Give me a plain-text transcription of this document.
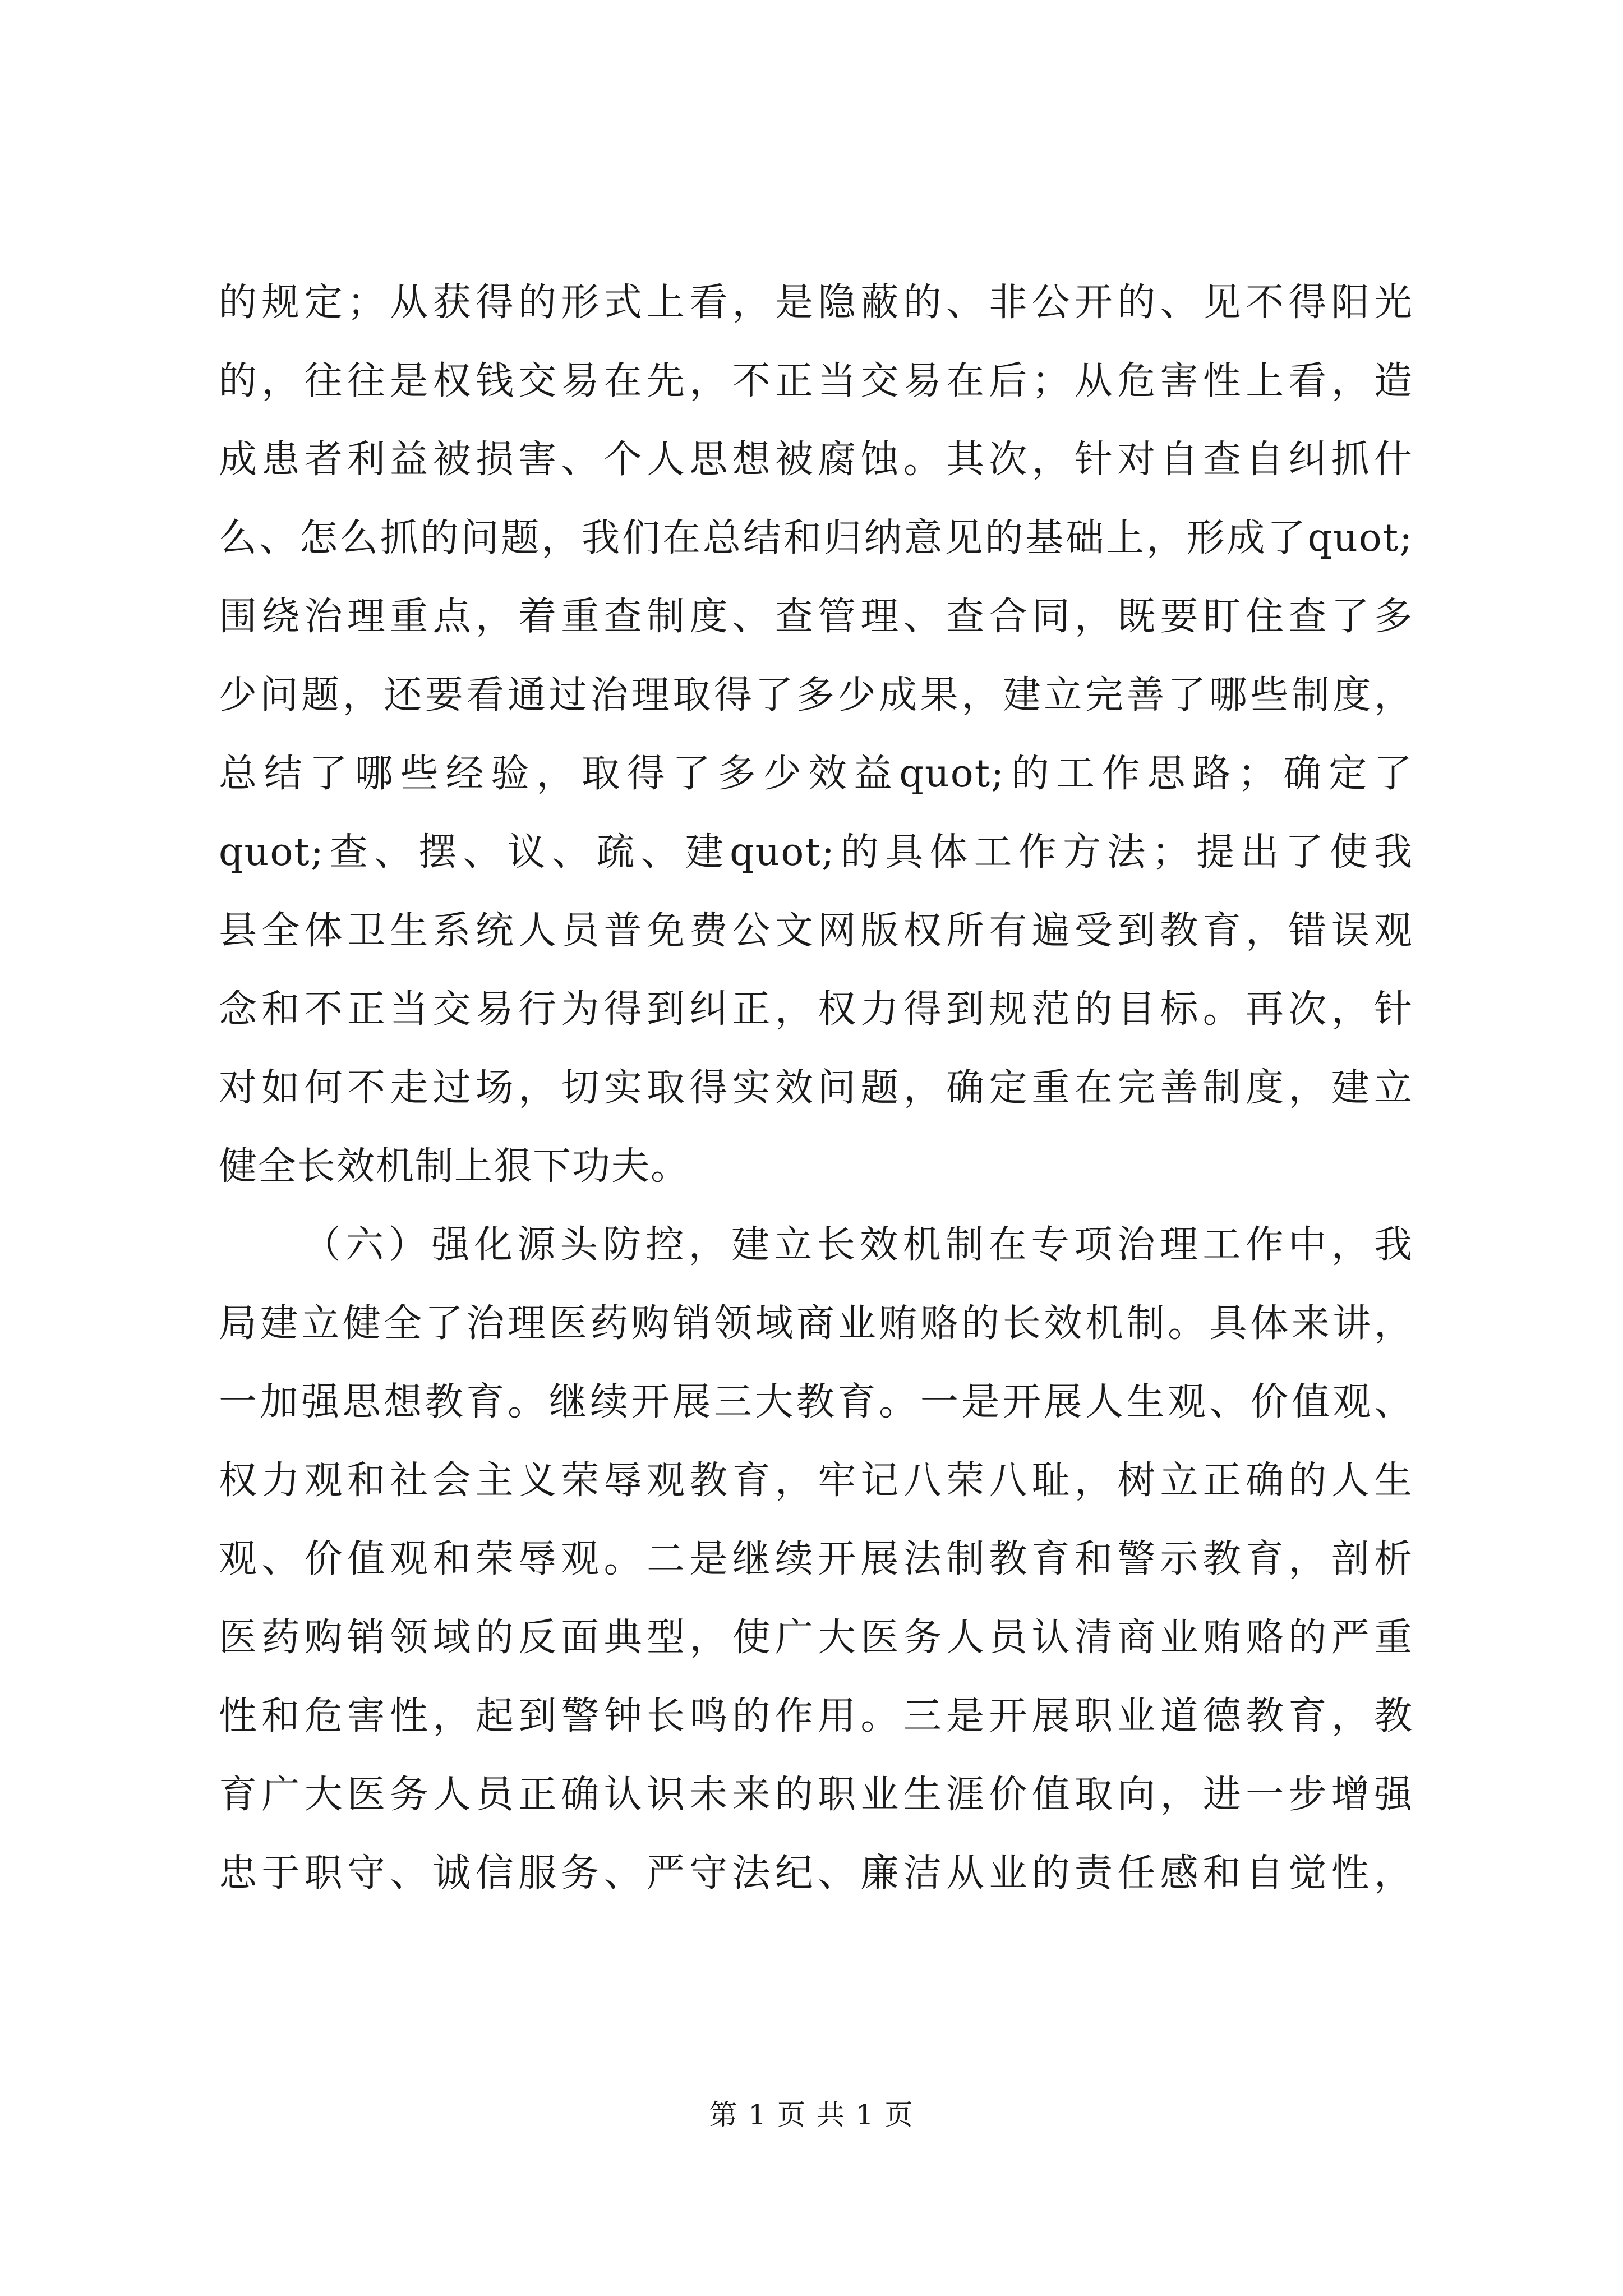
的规定；从获得的形式上看，是隐蔽的、非公开的、见不得阳光
的，往往是权钱交易在先，不正当交易在后；从危害性上看，造
成患者利益被损害、个人思想被腐蚀。其次，针对自查自纠抓什
么、怎么抓的问题，我们在总结和归纳意见的基础上，形成了quot;
围绕治理重点，着重查制度、查管理、查合同，既要盯住查了多
少问题，还要看通过治理取得了多少成果，建立完善了哪些制度，
总结了哪些经验，取得了多少效益quot;的工作思路；确定了
quot;查、摆、议、疏、建quot;的具体工作方法；提出了使我
县全体卫生系统人员普免费公文网版权所有遍受到教育，错误观
念和不正当交易行为得到纠正，权力得到规范的目标。再次，针
对如何不走过场，切实取得实效问题，确定重在完善制度，建立
健全长效机制上狠下功夫。
（六）强化源头防控，建立长效机制在专项治理工作中，我
局建立健全了治理医药购销领域商业贿赂的长效机制。具体来讲，
一加强思想教育。继续开展三大教育。一是开展人生观、价值观、
权力观和社会主义荣辱观教育，牢记八荣八耻，树立正确的人生
观、价值观和荣辱观。二是继续开展法制教育和警示教育，剖析
医药购销领域的反面典型，使广大医务人员认清商业贿赂的严重
性和危害性，起到警钟长鸣的作用。三是开展职业道德教育，教
育广大医务人员正确认识未来的职业生涯价值取向，进一步增强
忠于职守、诚信服务、严守法纪、廉洁从业的责任感和自觉性，
第 1 页 共 1 页
